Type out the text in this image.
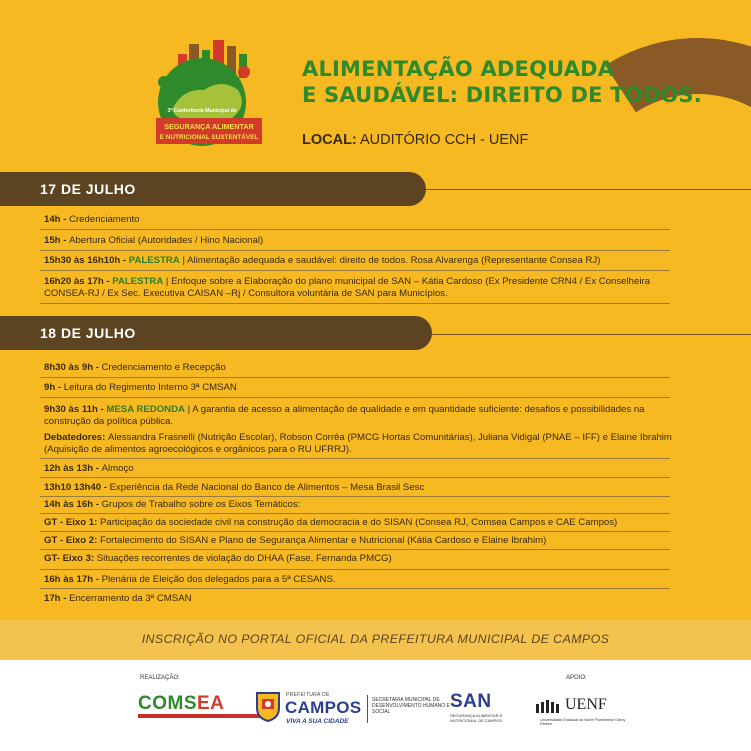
3ª Conferência Municipal de
SEGURANÇA ALIMENTAR
E NUTRICIONAL SUSTENTÁVEL
ALIMENTAÇÃO ADEQUADA
E SAUDÁVEL: DIREITO DE TODOS.
LOCAL: AUDITÓRIO CCH - UENF
17 DE JULHO
14h - Credenciamento
15h - Abertura Oficial (Autoridades / Hino Nacional)
15h30 às 16h10h - PALESTRA | Alimentação adequada e saudável: direito de todos. Rosa Alvarenga (Representante Consea RJ)
16h20 às 17h - PALESTRA | Enfoque sobre a Elaboração do plano municipal de SAN – Kátia Cardoso (Ex Presidente CRN4 / Ex Conselheira CONSEA-RJ / Ex Sec. Executiva CAISAN –Rj / Consultora voluntária de SAN para Municípios.
18 DE JULHO
8h30 às 9h - Credenciamento e Recepção
9h - Leitura do Regimento Interno 3ª CMSAN
9h30 às 11h - MESA REDONDA | A garantia de acesso a alimentação de qualidade e em quantidade suficiente: desafios e possibilidades na construção da política pública.
Debatedores: Alessandra Frasnelli (Nutrição Escolar), Robson Corrêa (PMCG Hortas Comunitárias), Juliana Vidigal (PNAE – IFF) e Elaine Ibrahim (Aquisição de alimentos agroecológicos e orgânicos para o RU UFRRJ).
12h às 13h - Almoço
13h10 13h40 - Experiência da Rede Nacional do Banco de Alimentos – Mesa Brasil Sesc
14h às 16h - Grupos de Trabalho sobre os Eixos Temáticos:
GT - Eixo 1: Participação da sociedade civil na construção da democracia e do SISAN (Consea RJ, Comsea Campos e CAE Campos)
GT - Eixo 2: Fortalecimento do SISAN e Plano de Segurança Alimentar e Nutricional (Kátia Cardoso e Elaine Ibrahim)
GT- Eixo 3: Situações recorrentes de violação do DHAA (Fase, Fernanda PMCG)
16h às 17h - Plenária de Eleição dos delegados para a 5ª CESANS.
17h - Encerramento da 3ª CMSAN
INSCRIÇÃO NO PORTAL OFICIAL DA PREFEITURA MUNICIPAL DE CAMPOS
REALIZAÇÃO:	APOIO:
COMSEA	PREFEITURA DE
CAMPOS
VIVA A SUA CIDADE
SECRETARIA MUNICIPAL DE DESENVOLVIMENTO HUMANO E SOCIAL	SAN
SEGURANÇA ALIMENTAR E NUTRICIONAL DE CAMPOS
UENF
Universidade Estadual do Norte Fluminense Darcy Ribeiro
